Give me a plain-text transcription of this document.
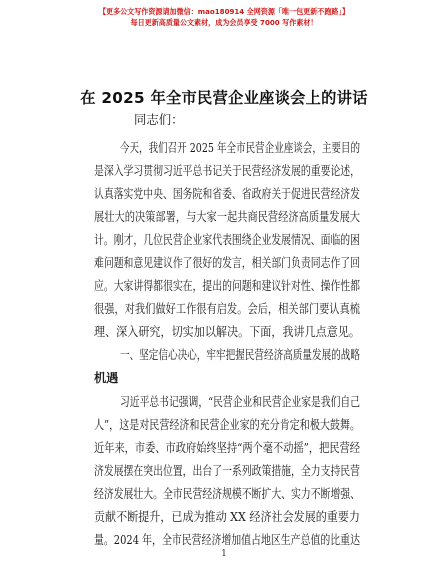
【更多公文写作资源请加微信：mao180914 全网资源「唯一包更新不跑路」】
每日更新高质量公文素材，成为会员享受 7000 写作素材！
在 2025 年全市民营企业座谈会上的讲话
同志们：
今天，我们召开 2025 年全市民营企业座谈会，主要目的
是深入学习贯彻习近平总书记关于民营经济发展的重要论述，
认真落实党中央、国务院和省委、省政府关于促进民营经济发
展壮大的决策部署，与大家一起共商民营经济高质量发展大
计。刚才，几位民营企业家代表围绕企业发展情况、面临的困
难问题和意见建议作了很好的发言，相关部门负责同志作了回
应。大家讲得都很实在，提出的问题和建议针对性、操作性都
很强，对我们做好工作很有启发。会后，相关部门要认真梳
理、深入研究，切实加以解决。下面，我讲几点意见。
一、坚定信心决心，牢牢把握民营经济高质量发展的战略
机遇
习近平总书记强调，“民营企业和民营企业家是我们自己
人”，这是对民营经济和民营企业家的充分肯定和极大鼓舞。
近年来，市委、市政府始终坚持“两个毫不动摇”，把民营经
济发展摆在突出位置，出台了一系列政策措施，全力支持民营
经济发展壮大。全市民营经济规模不断扩大、实力不断增强、
贡献不断提升，已成为推动 XX 经济社会发展的重要力
量。2024 年，全市民营经济增加值占地区生产总值的比重达
1
